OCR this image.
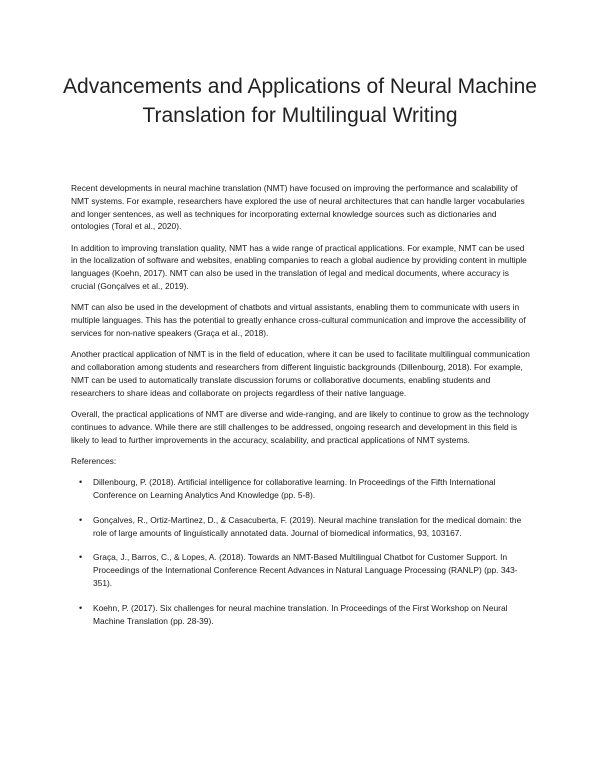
Advancements and Applications of Neural Machine Translation for Multilingual Writing

Recent developments in neural machine translation (NMT) have focused on improving the performance and scalability of NMT systems. For example, researchers have explored the use of neural architectures that can handle larger vocabularies and longer sentences, as well as techniques for incorporating external knowledge sources such as dictionaries and ontologies (Toral et al., 2020).

In addition to improving translation quality, NMT has a wide range of practical applications. For example, NMT can be used in the localization of software and websites, enabling companies to reach a global audience by providing content in multiple languages (Koehn, 2017). NMT can also be used in the translation of legal and medical documents, where accuracy is crucial (Gonçalves et al., 2019).

NMT can also be used in the development of chatbots and virtual assistants, enabling them to communicate with users in multiple languages. This has the potential to greatly enhance cross-cultural communication and improve the accessibility of services for non-native speakers (Graça et al., 2018).

Another practical application of NMT is in the field of education, where it can be used to facilitate multilingual communication and collaboration among students and researchers from different linguistic backgrounds (Dillenbourg, 2018). For example, NMT can be used to automatically translate discussion forums or collaborative documents, enabling students and researchers to share ideas and collaborate on projects regardless of their native language.

Overall, the practical applications of NMT are diverse and wide-ranging, and are likely to continue to grow as the technology continues to advance. While there are still challenges to be addressed, ongoing research and development in this field is likely to lead to further improvements in the accuracy, scalability, and practical applications of NMT systems.

References:

• Dillenbourg, P. (2018). Artificial intelligence for collaborative learning. In Proceedings of the Fifth International Conference on Learning Analytics And Knowledge (pp. 5-8).
• Gonçalves, R., Ortiz-Martinez, D., & Casacuberta, F. (2019). Neural machine translation for the medical domain: the role of large amounts of linguistically annotated data. Journal of biomedical informatics, 93, 103167.
• Graça, J., Barros, C., & Lopes, A. (2018). Towards an NMT-Based Multilingual Chatbot for Customer Support. In Proceedings of the International Conference Recent Advances in Natural Language Processing (RANLP) (pp. 343-351).
• Koehn, P. (2017). Six challenges for neural machine translation. In Proceedings of the First Workshop on Neural Machine Translation (pp. 28-39).
